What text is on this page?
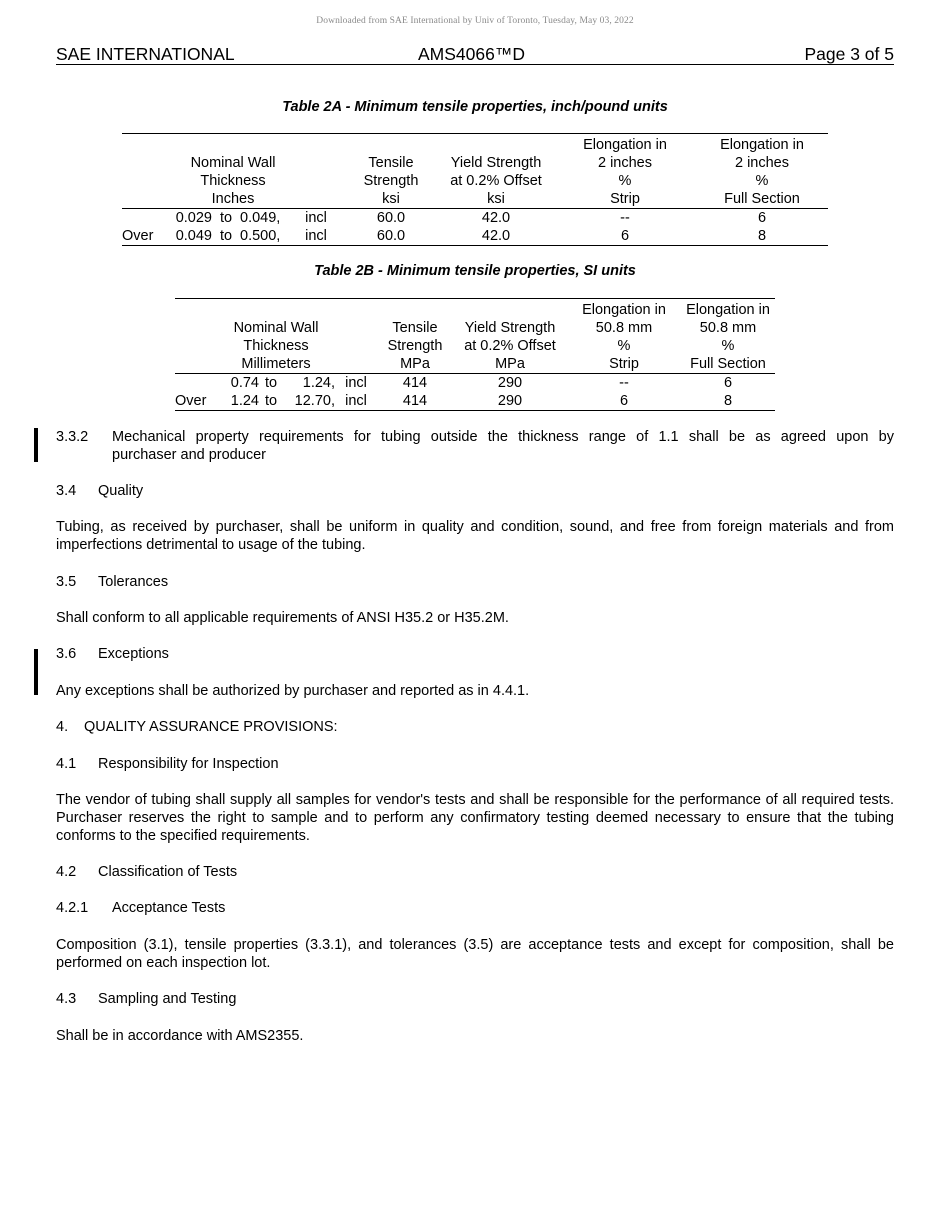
Downloaded from SAE International by Univ of Toronto, Tuesday, May 03, 2022
SAE INTERNATIONAL	AMS4066™D	Page 3 of 5
Table 2A - Minimum tensile properties, inch/pound units
							Elongation in	Elongation in
Nominal Wall					Tensile	Yield Strength	2 inches	2 inches
Thickness					Strength	at 0.2% Offset	%	%
Inches					ksi	ksi	Strip	Full Section
	0.029	to	0.049,	incl	60.0	42.0	--	6
Over	0.049	to	0.500,	incl	60.0	42.0	6	8
Table 2B - Minimum tensile properties, SI units
							Elongation in	Elongation in
Nominal Wall					Tensile	Yield Strength	50.8 mm	50.8 mm
Thickness					Strength	at 0.2% Offset	%	%
Millimeters					MPa	MPa	Strip	Full Section
	0.74	to	1.24,	incl	414	290	--	6
Over	1.24	to	12.70,	incl	414	290	6	8
3.3.2 Mechanical property requirements for tubing outside the thickness range of 1.1 shall be as agreed upon by
purchaser and producer
3.4 Quality
Tubing, as received by purchaser, shall be uniform in quality and condition, sound, and free from foreign materials and from imperfections detrimental to usage of the tubing.
3.5 Tolerances
Shall conform to all applicable requirements of ANSI H35.2 or H35.2M.
3.6 Exceptions
Any exceptions shall be authorized by purchaser and reported as in 4.4.1.
4. QUALITY ASSURANCE PROVISIONS:
4.1 Responsibility for Inspection
The vendor of tubing shall supply all samples for vendor's tests and shall be responsible for the performance of all required tests. Purchaser reserves the right to sample and to perform any confirmatory testing deemed necessary to ensure that the tubing conforms to the specified requirements.
4.2 Classification of Tests
4.2.1 Acceptance Tests
Composition (3.1), tensile properties (3.3.1), and tolerances (3.5) are acceptance tests and except for composition, shall be performed on each inspection lot.
4.3 Sampling and Testing
Shall be in accordance with AMS2355.
